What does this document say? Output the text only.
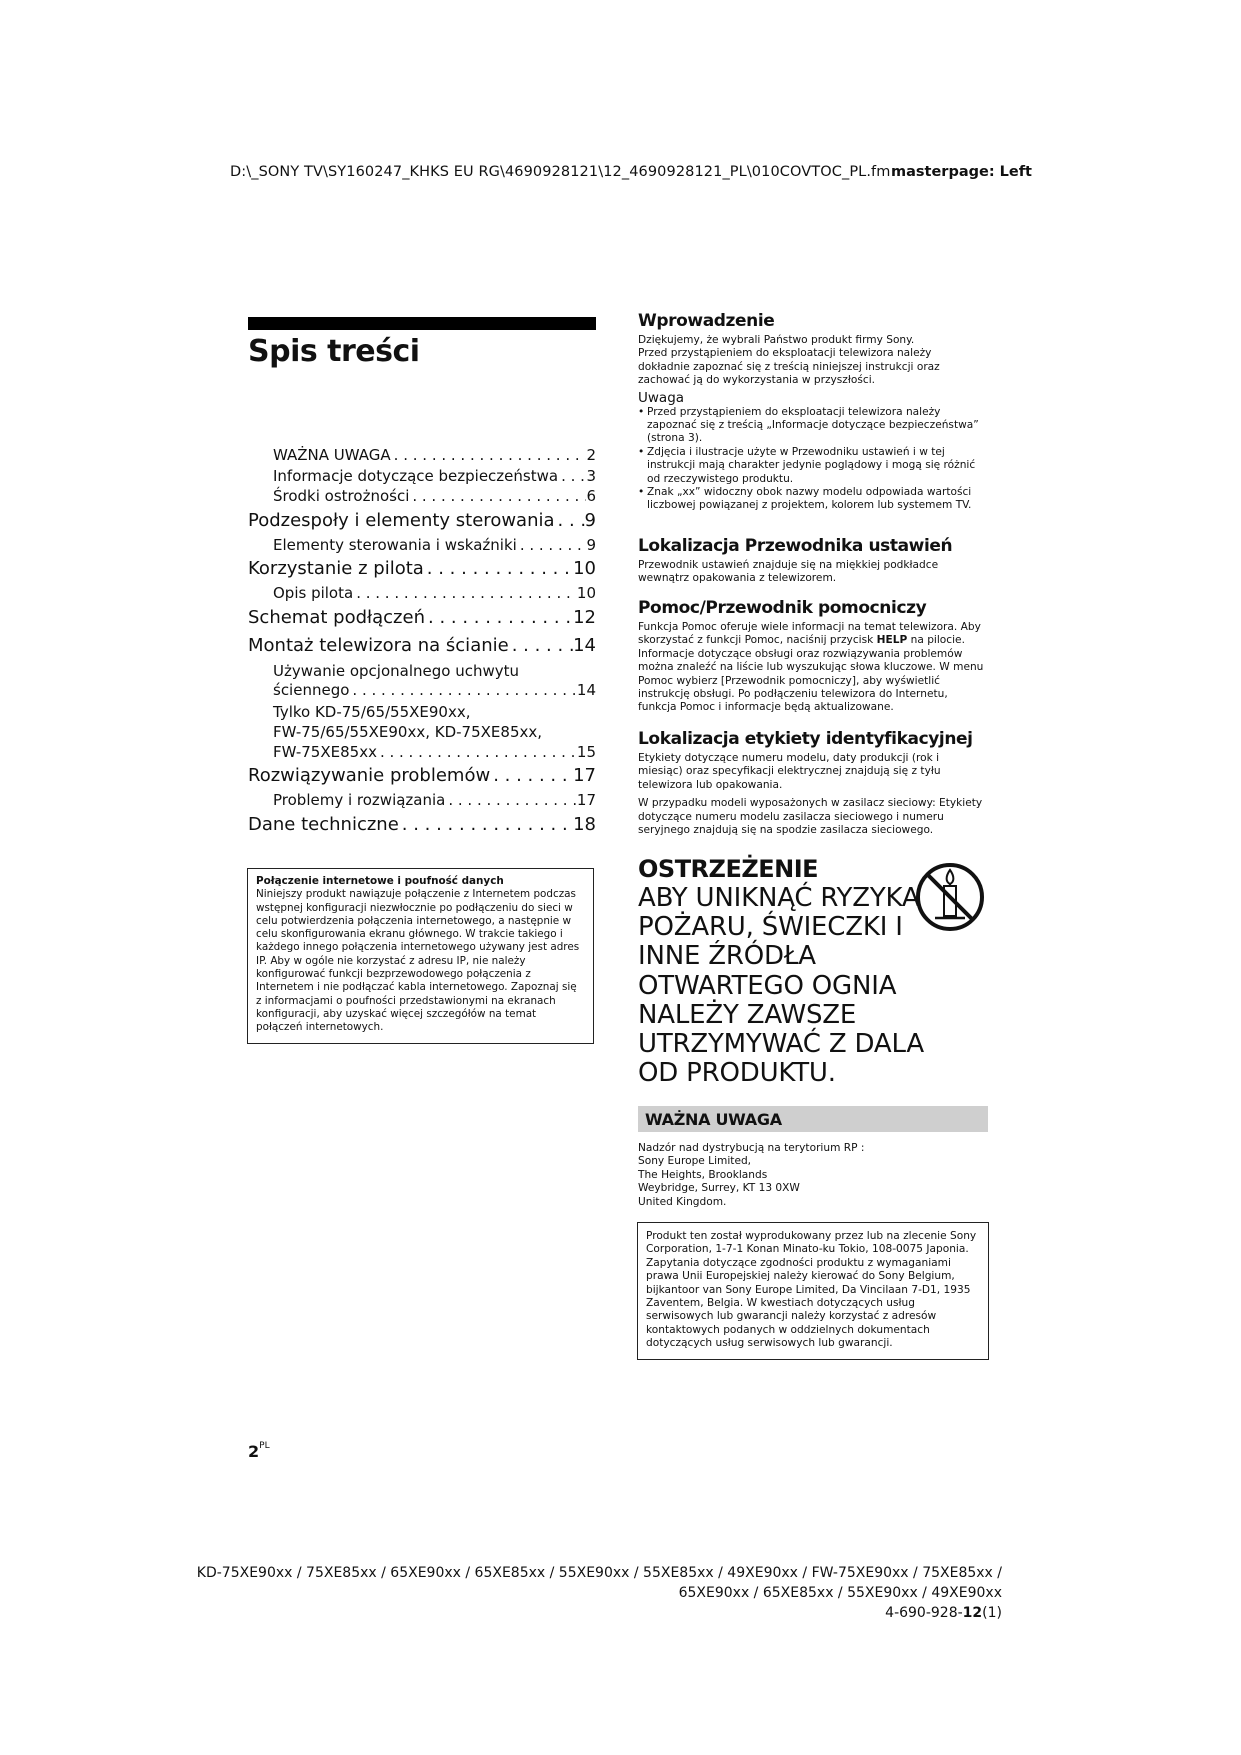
D:\_SONY TV\SY160247_KHKS EU RG\4690928121\12_4690928121_PL\010COVTOC_PL.fm masterpage: Left
Spis treści
WAŻNA UWAGA . . .	2
Informacje dotyczące bezpieczeństwa . . . 3
Środki ostrożności . . .	6
Podzespoły i elementy sterowania . . . 9
Elementy sterowania i wskaźniki . . .	9
Korzystanie z pilota . . .	10
Opis pilota . . .	10
Schemat podłączeń . . .	12
Montaż telewizora na ścianie . . .	14
Używanie opcjonalnego uchwytu
ściennego . . .	14
Tylko KD-75/65/55XE90xx,
FW-75/65/55XE90xx, KD-75XE85xx,
FW-75XE85xx . . .	15
Rozwiązywanie problemów . . .	17
Problemy i rozwiązania . . .	17
Dane techniczne . . .	18
Połączenie internetowe i poufność danych
Niniejszy produkt nawiązuje połączenie z Internetem podczas wstępnej konfiguracji niezwłocznie po podłączeniu do sieci w celu potwierdzenia połączenia internetowego, a następnie w celu skonfigurowania ekranu głównego. W trakcie takiego i każdego innego połączenia internetowego używany jest adres IP. Aby w ogóle nie korzystać z adresu IP, nie należy konfigurować funkcji bezprzewodowego połączenia z Internetem i nie podłączać kabla internetowego. Zapoznaj się z informacjami o poufności przedstawionymi na ekranach konfiguracji, aby uzyskać więcej szczegółów na temat połączeń internetowych.
Wprowadzenie
Dziękujemy, że wybrali Państwo produkt firmy Sony.
Przed przystąpieniem do eksploatacji telewizora należy dokładnie zapoznać się z treścią niniejszej instrukcji oraz zachować ją do wykorzystania w przyszłości.
Uwaga
• Przed przystąpieniem do eksploatacji telewizora należy zapoznać się z treścią „Informacje dotyczące bezpieczeństwa” (strona 3).
• Zdjęcia i ilustracje użyte w Przewodniku ustawień i w tej instrukcji mają charakter jedynie poglądowy i mogą się różnić od rzeczywistego produktu.
• Znak „xx” widoczny obok nazwy modelu odpowiada wartości liczbowej powiązanej z projektem, kolorem lub systemem TV.
Lokalizacja Przewodnika ustawień
Przewodnik ustawień znajduje się na miękkiej podkładce wewnątrz opakowania z telewizorem.
Pomoc/Przewodnik pomocniczy
Funkcja Pomoc oferuje wiele informacji na temat telewizora. Aby skorzystać z funkcji Pomoc, naciśnij przycisk HELP na pilocie. Informacje dotyczące obsługi oraz rozwiązywania problemów można znaleźć na liście lub wyszukując słowa kluczowe. W menu Pomoc wybierz [Przewodnik pomocniczy], aby wyświetlić instrukcję obsługi. Po podłączeniu telewizora do Internetu, funkcja Pomoc i informacje będą aktualizowane.
Lokalizacja etykiety identyfikacyjnej
Etykiety dotyczące numeru modelu, daty produkcji (rok i miesiąc) oraz specyfikacji elektrycznej znajdują się z tyłu telewizora lub opakowania.
W przypadku modeli wyposażonych w zasilacz sieciowy: Etykiety dotyczące numeru modelu zasilacza sieciowego i numeru seryjnego znajdują się na spodzie zasilacza sieciowego.
OSTRZEŻENIE
ABY UNIKNĄĆ RYZYKA POŻARU, ŚWIECZKI I INNE ŹRÓDŁA OTWARTEGO OGNIA NALEŻY ZAWSZE UTRZYMYWAĆ Z DALA OD PRODUKTU.
WAŻNA UWAGA
Nadzór nad dystrybucją na terytorium RP :
Sony Europe Limited,
The Heights, Brooklands
Weybridge, Surrey, KT 13 0XW
United Kingdom.
Produkt ten został wyprodukowany przez lub na zlecenie Sony Corporation, 1-7-1 Konan Minato-ku Tokio, 108-0075 Japonia. Zapytania dotyczące zgodności produktu z wymaganiami prawa Unii Europejskiej należy kierować do Sony Belgium, bijkantoor van Sony Europe Limited, Da Vincilaan 7-D1, 1935 Zaventem, Belgia. W kwestiach dotyczących usług serwisowych lub gwarancji należy korzystać z adresów kontaktowych podanych w oddzielnych dokumentach dotyczących usług serwisowych lub gwarancji.
$2^{PL}$
KD-75XE90xx / 75XE85xx / 65XE90xx / 65XE85xx / 55XE90xx / 55XE85xx / 49XE90xx / FW-75XE90xx / 75XE85xx /
65XE90xx / 65XE85xx / 55XE90xx / 49XE90xx
4-690-928-12(1)
